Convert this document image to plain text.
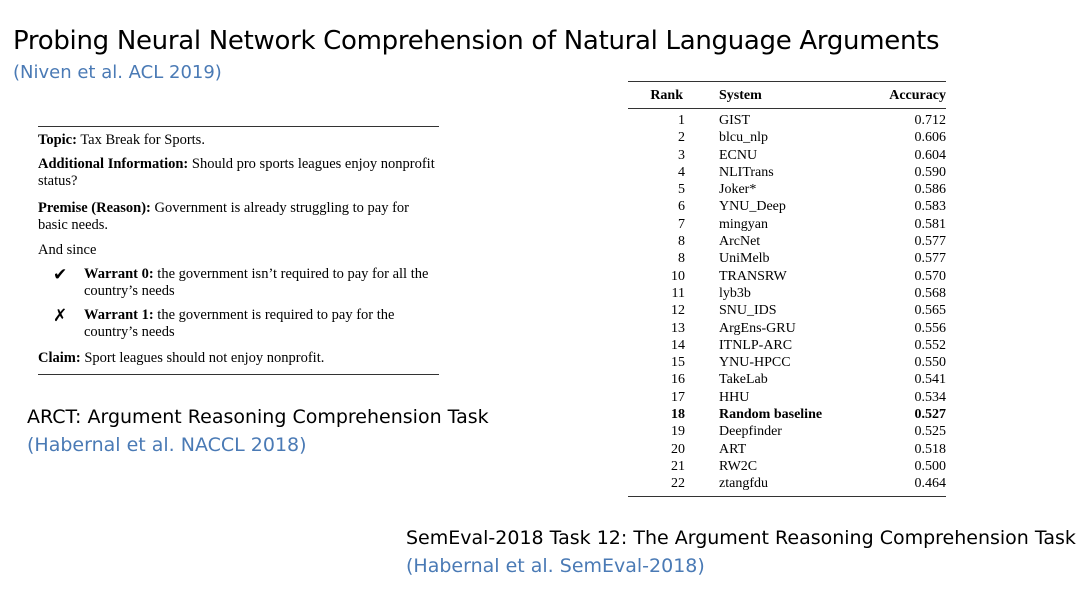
Probing Neural Network Comprehension of Natural Language Arguments
(Niven et al. ACL 2019)

Topic: Tax Break for Sports.

Additional Information: Should pro sports leagues enjoy nonprofit status?

Premise (Reason): Government is already struggling to pay for basic needs.

And since

✔	Warrant 0: the government isn’t required to pay for all the country’s needs
✗	Warrant 1: the government is required to pay for the country’s needs

Claim: Sport leagues should not enjoy nonprofit.

ARCT: Argument Reasoning Comprehension Task
(Habernal et al. NACCL 2018)
Rank	System	Accuracy
1	GIST	0.712
2	blcu_nlp	0.606
3	ECNU	0.604
4	NLITrans	0.590
5	Joker*	0.586
6	YNU_Deep	0.583
7	mingyan	0.581
8	ArcNet	0.577
8	UniMelb	0.577
10	TRANSRW	0.570
11	lyb3b	0.568
12	SNU_IDS	0.565
13	ArgEns-GRU	0.556
14	ITNLP-ARC	0.552
15	YNU-HPCC	0.550
16	TakeLab	0.541
17	HHU	0.534
18	Random baseline	0.527
19	Deepfinder	0.525
20	ART	0.518
21	RW2C	0.500
22	ztangfdu	0.464
SemEval-2018 Task 12: The Argument Reasoning Comprehension Task
(Habernal et al. SemEval-2018)
